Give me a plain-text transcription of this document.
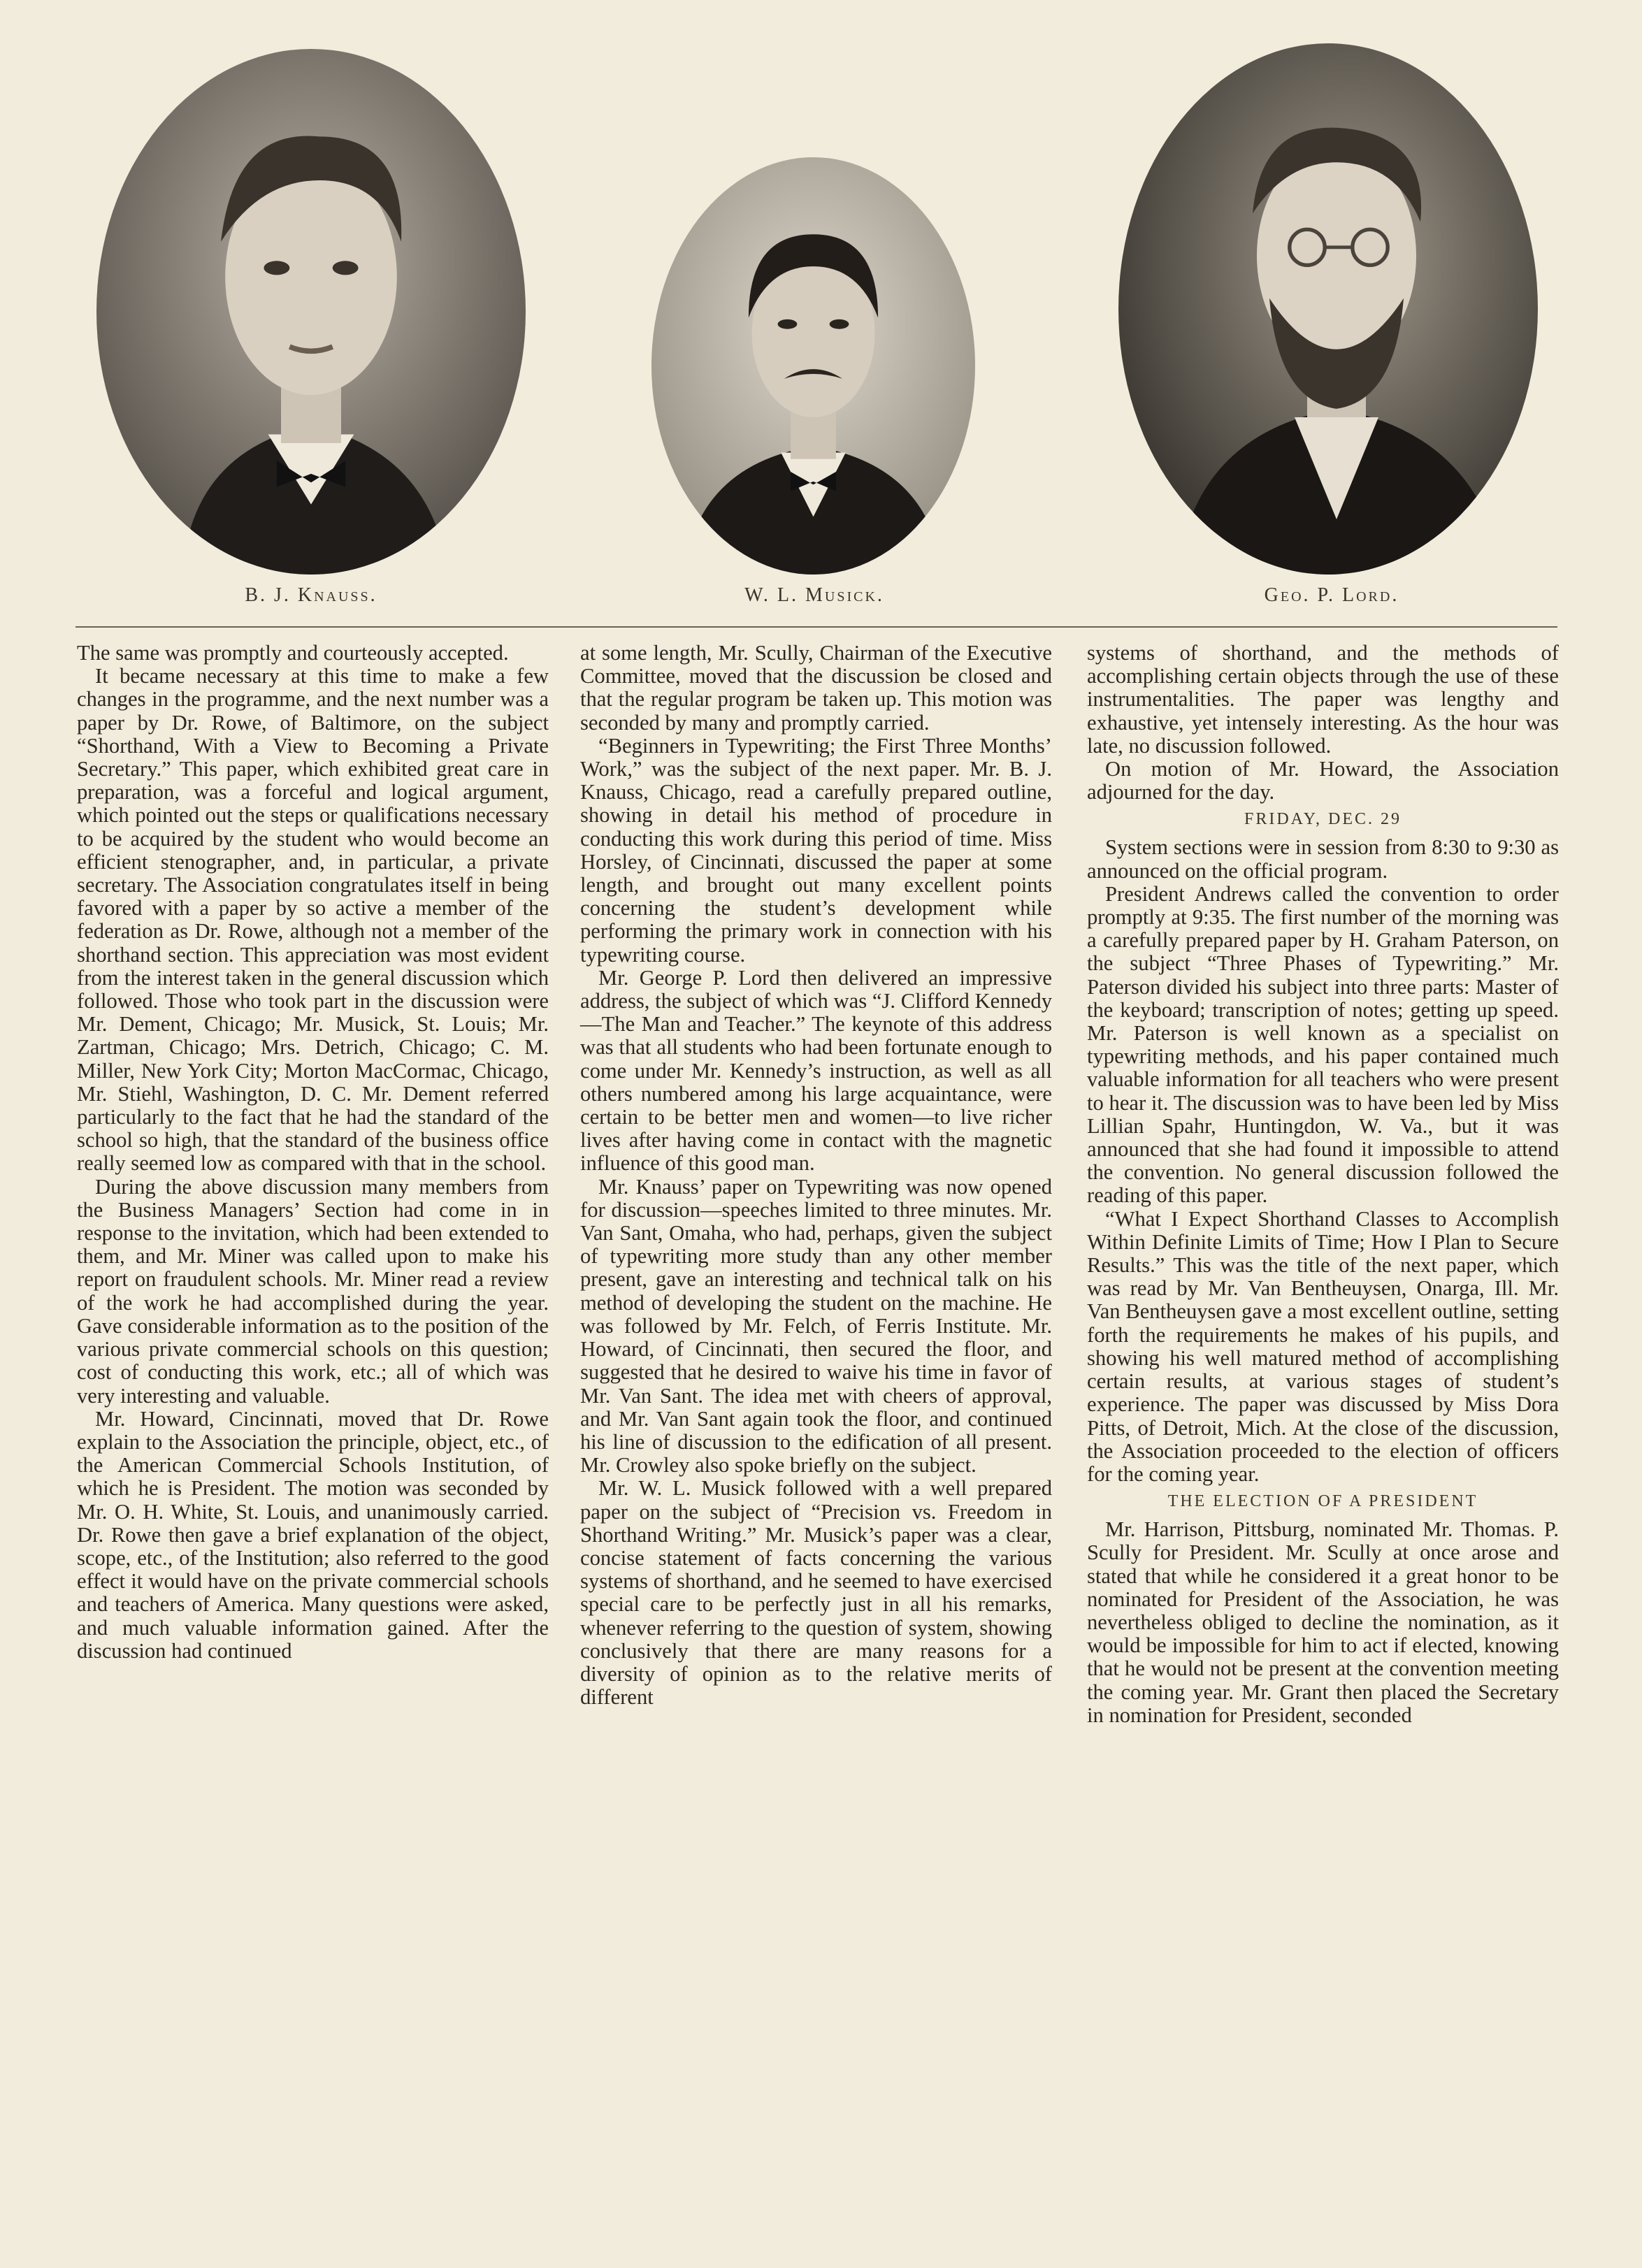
B. J. Knauss.	W. L. Musick.	Geo. P. Lord.

The same was promptly and courteously accepted.

It became necessary at this time to make a few changes in the programme, and the next number was a paper by Dr. Rowe, of Baltimore, on the subject “Shorthand, With a View to Becoming a Private Secretary.” This paper, which exhibited great care in preparation, was a forceful and logical argument, which pointed out the steps or qualifications necessary to be acquired by the student who would become an efficient stenographer, and, in particular, a private secretary. The Association congratulates itself in being favored with a paper by so active a member of the federation as Dr. Rowe, although not a member of the shorthand section. This appreciation was most evident from the interest taken in the general discussion which followed. Those who took part in the discussion were Mr. Dement, Chicago; Mr. Musick, St. Louis; Mr. Zartman, Chicago; Mrs. Detrich, Chicago; C. M. Miller, New York City; Morton MacCormac, Chicago, Mr. Stiehl, Washington, D. C. Mr. Dement referred particularly to the fact that he had the standard of the school so high, that the standard of the business office really seemed low as compared with that in the school.

During the above discussion many members from the Business Managers’ Section had come in in response to the invitation, which had been extended to them, and Mr. Miner was called upon to make his report on fraudulent schools. Mr. Miner read a review of the work he had accomplished during the year. Gave considerable information as to the position of the various private commercial schools on this question; cost of conducting this work, etc.; all of which was very interesting and valuable.

Mr. Howard, Cincinnati, moved that Dr. Rowe explain to the Association the principle, object, etc., of the American Commercial Schools Institution, of which he is President. The motion was seconded by Mr. O. H. White, St. Louis, and unanimously carried. Dr. Rowe then gave a brief explanation of the object, scope, etc., of the Institution; also referred to the good effect it would have on the private commercial schools and teachers of America. Many questions were asked, and much valuable information gained. After the discussion had continued

at some length, Mr. Scully, Chairman of the Executive Committee, moved that the discussion be closed and that the regular program be taken up. This motion was seconded by many and promptly carried.

“Beginners in Typewriting; the First Three Months’ Work,” was the subject of the next paper. Mr. B. J. Knauss, Chicago, read a carefully prepared outline, showing in detail his method of procedure in conducting this work during this period of time. Miss Horsley, of Cincinnati, discussed the paper at some length, and brought out many excellent points concerning the student’s development while performing the primary work in connection with his typewriting course.

Mr. George P. Lord then delivered an impressive address, the subject of which was “J. Clifford Kennedy—The Man and Teacher.” The keynote of this address was that all students who had been fortunate enough to come under Mr. Kennedy’s instruction, as well as all others numbered among his large acquaintance, were certain to be better men and women—to live richer lives after having come in contact with the magnetic influence of this good man.

Mr. Knauss’ paper on Typewriting was now opened for discussion—speeches limited to three minutes. Mr. Van Sant, Omaha, who had, perhaps, given the subject of typewriting more study than any other member present, gave an interesting and technical talk on his method of developing the student on the machine. He was followed by Mr. Felch, of Ferris Institute. Mr. Howard, of Cincinnati, then secured the floor, and suggested that he desired to waive his time in favor of Mr. Van Sant. The idea met with cheers of approval, and Mr. Van Sant again took the floor, and continued his line of discussion to the edification of all present. Mr. Crowley also spoke briefly on the subject.

Mr. W. L. Musick followed with a well prepared paper on the subject of “Precision vs. Freedom in Shorthand Writing.” Mr. Musick’s paper was a clear, concise statement of facts concerning the various systems of shorthand, and he seemed to have exercised special care to be perfectly just in all his remarks, whenever referring to the question of system, showing conclusively that there are many reasons for a diversity of opinion as to the relative merits of different

systems of shorthand, and the methods of accomplishing certain objects through the use of these instrumentalities. The paper was lengthy and exhaustive, yet intensely interesting. As the hour was late, no discussion followed.

On motion of Mr. Howard, the Association adjourned for the day.

FRIDAY, DEC. 29

System sections were in session from 8:30 to 9:30 as announced on the official program.

President Andrews called the convention to order promptly at 9:35. The first number of the morning was a carefully prepared paper by H. Graham Paterson, on the subject “Three Phases of Typewriting.” Mr. Paterson divided his subject into three parts: Master of the keyboard; transcription of notes; getting up speed. Mr. Paterson is well known as a specialist on typewriting methods, and his paper contained much valuable information for all teachers who were present to hear it. The discussion was to have been led by Miss Lillian Spahr, Huntingdon, W. Va., but it was announced that she had found it impossible to attend the convention. No general discussion followed the reading of this paper.

“What I Expect Shorthand Classes to Accomplish Within Definite Limits of Time; How I Plan to Secure Results.” This was the title of the next paper, which was read by Mr. Van Bentheuysen, Onarga, Ill. Mr. Van Bentheuysen gave a most excellent outline, setting forth the requirements he makes of his pupils, and showing his well matured method of accomplishing certain results, at various stages of student’s experience. The paper was discussed by Miss Dora Pitts, of Detroit, Mich. At the close of the discussion, the Association proceeded to the election of officers for the coming year.

THE ELECTION OF A PRESIDENT

Mr. Harrison, Pittsburg, nominated Mr. Thomas. P. Scully for President. Mr. Scully at once arose and stated that while he considered it a great honor to be nominated for President of the Association, he was nevertheless obliged to decline the nomination, as it would be impossible for him to act if elected, knowing that he would not be present at the convention meeting the coming year. Mr. Grant then placed the Secretary in nomination for President, seconded
